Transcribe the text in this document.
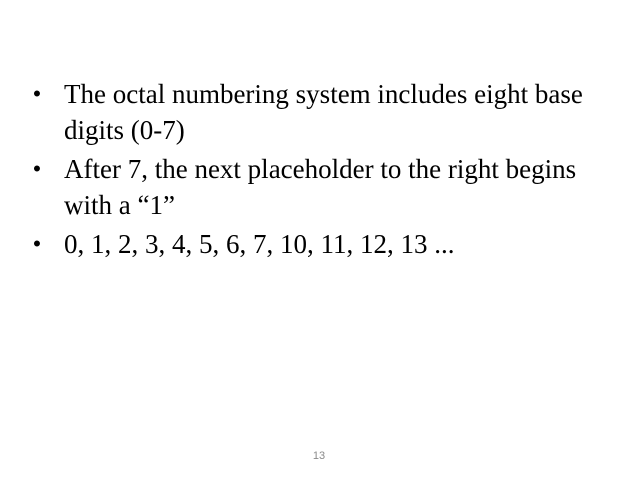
• The octal numbering system includes eight base digits (0-7)
• After 7, the next placeholder to the right begins with a “1”
• 0, 1, 2, 3, 4, 5, 6, 7, 10, 11, 12, 13 ...
13
